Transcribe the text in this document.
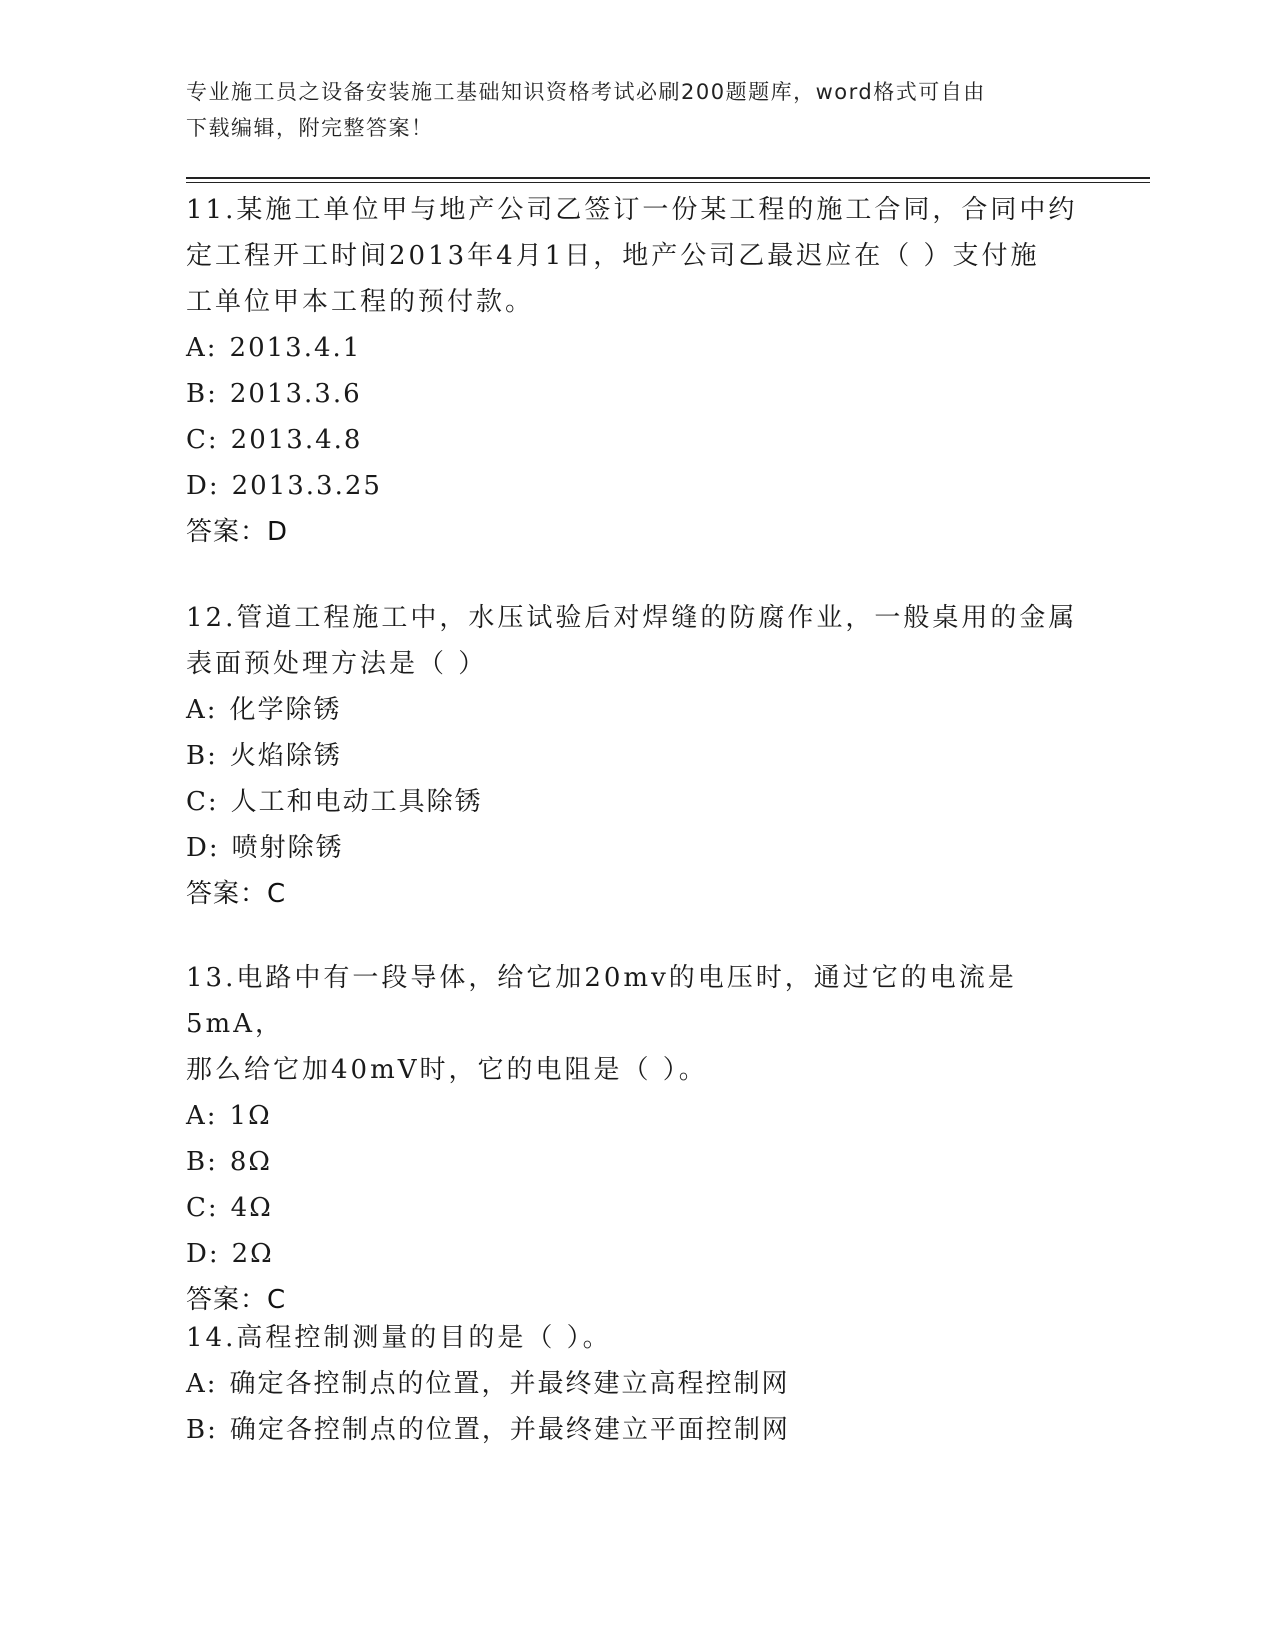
专业施工员之设备安装施工基础知识资格考试必刷200题题库，word格式可自由
下载编辑，附完整答案！

11.某施工单位甲与地产公司乙签订一份某工程的施工合同，合同中约

定工程开工时间2013年4月1日，地产公司乙最迟应在（ ）支付施

工单位甲本工程的预付款。

A: 2013.4.1

B: 2013.3.6

C: 2013.4.8

D: 2013.3.25

答案：D

12.管道工程施工中，水压试验后对焊缝的防腐作业，一般桌用的金属

表面预处理方法是（ ）

A: 化学除锈

B: 火焰除锈

C: 人工和电动工具除锈

D: 喷射除锈

答案：C

13.电路中有一段导体，给它加20mv的电压时，通过它的电流是5mA，

那么给它加40mV时，它的电阻是（ ）。

A: 1Ω

B: 8Ω

C: 4Ω

D: 2Ω

答案：C

14.高程控制测量的目的是（ ）。

A: 确定各控制点的位置，并最终建立高程控制网

B: 确定各控制点的位置，并最终建立平面控制网
